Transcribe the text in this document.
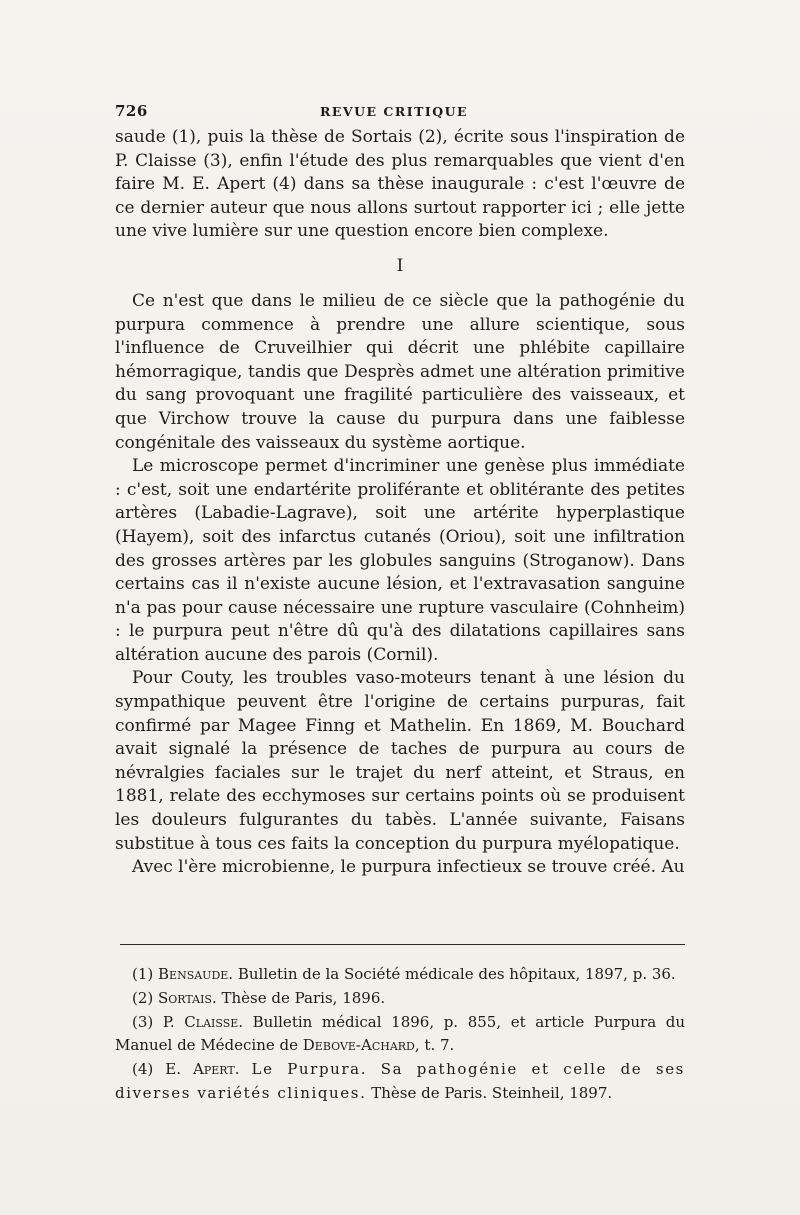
726	REVUE CRITIQUE

saude (1), puis la thèse de Sortais (2), écrite sous l'inspiration de P. Claisse (3), enfin l'étude des plus remarquables que vient d'en faire M. E. Apert (4) dans sa thèse inaugurale : c'est l'œuvre de ce dernier auteur que nous allons surtout rapporter ici ; elle jette une vive lumière sur une question encore bien complexe.

I

Ce n'est que dans le milieu de ce siècle que la pathogénie du purpura commence à prendre une allure scientique, sous l'influence de Cruveilhier qui décrit une phlébite capillaire hémorragique, tandis que Desprès admet une altération primitive du sang provoquant une fragilité particulière des vaisseaux, et que Virchow trouve la cause du purpura dans une faiblesse congénitale des vaisseaux du système aortique.

Le microscope permet d'incriminer une genèse plus immédiate : c'est, soit une endartérite proliférante et oblitérante des petites artères (Labadie-Lagrave), soit une artérite hyperplastique (Hayem), soit des infarctus cutanés (Oriou), soit une infiltration des grosses artères par les globules sanguins (Stroganow). Dans certains cas il n'existe aucune lésion, et l'extravasation sanguine n'a pas pour cause nécessaire une rupture vasculaire (Cohnheim) : le purpura peut n'être dû qu'à des dilatations capillaires sans altération aucune des parois (Cornil).

Pour Couty, les troubles vaso-moteurs tenant à une lésion du sympathique peuvent être l'origine de certains purpuras, fait confirmé par Magee Finng et Mathelin. En 1869, M. Bouchard avait signalé la présence de taches de purpura au cours de névralgies faciales sur le trajet du nerf atteint, et Straus, en 1881, relate des ecchymoses sur certains points où se produisent les douleurs fulgurantes du tabès. L'année suivante, Faisans substitue à tous ces faits la conception du purpura myélopatique.

Avec l'ère microbienne, le purpura infectieux se trouve créé. Au

(1) Bensaude. Bulletin de la Société médicale des hôpitaux, 1897, p. 36.

(2) Sortais. Thèse de Paris, 1896.

(3) P. Claisse. Bulletin médical 1896, p. 855, et article Purpura du Manuel de Médecine de Debove-Achard, t. 7.

(4) E. Apert. Le Purpura. Sa pathogénie et celle de ses diverses variétés cliniques. Thèse de Paris. Steinheil, 1897.
